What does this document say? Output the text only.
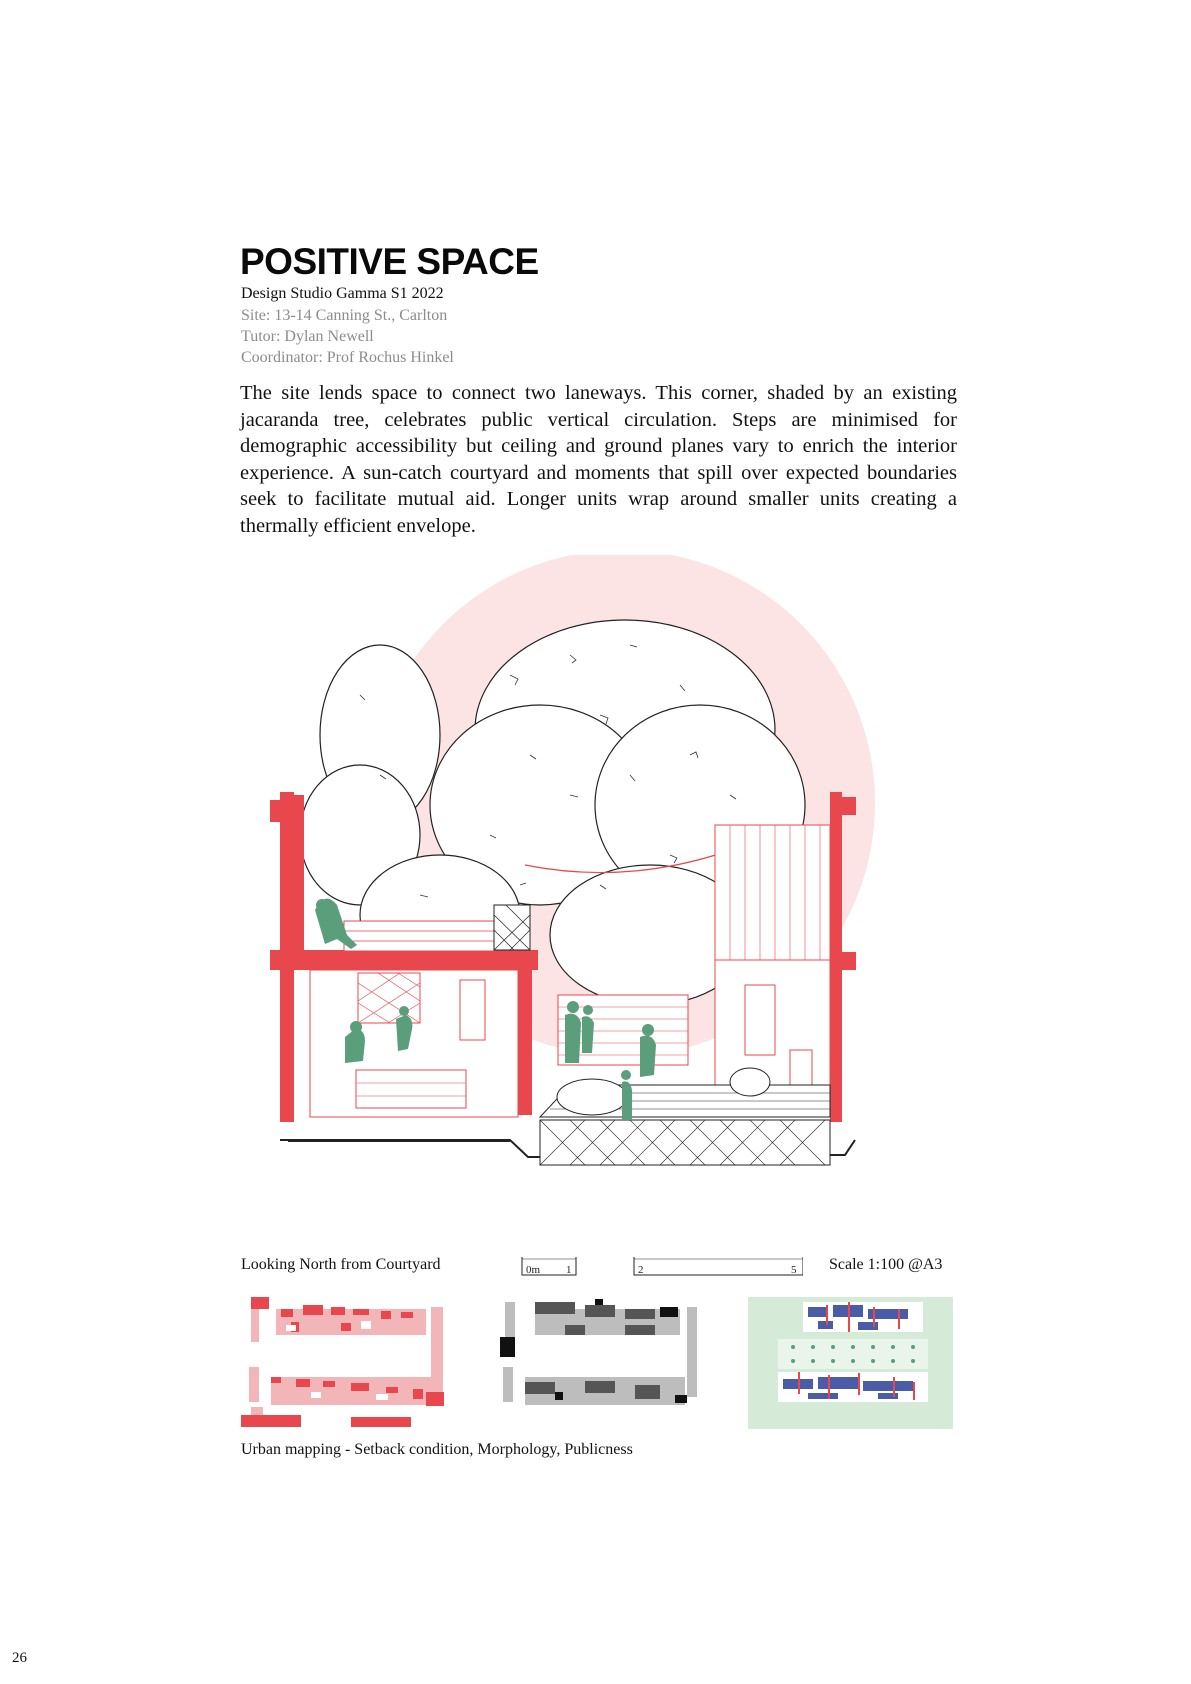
POSITIVE SPACE
Design Studio Gamma S1 2022
Site: 13-14 Canning St., Carlton
Tutor: Dylan Newell
Coordinator: Prof Rochus Hinkel

The site lends space to connect two laneways. This corner, shaded by an existing jacaranda tree, celebrates public vertical circulation. Steps are minimised for demographic accessibility but ceiling and ground planes vary to enrich the interior experience. A sun-catch courtyard and moments that spill over expected boundaries seek to facilitate mutual aid. Longer units wrap around smaller units creating a thermally efficient envelope.

Looking North from Courtyard	0m 1	2	5 Scale 1:100 @A3
Urban mapping - Setback condition, Morphology, Publicness
26
